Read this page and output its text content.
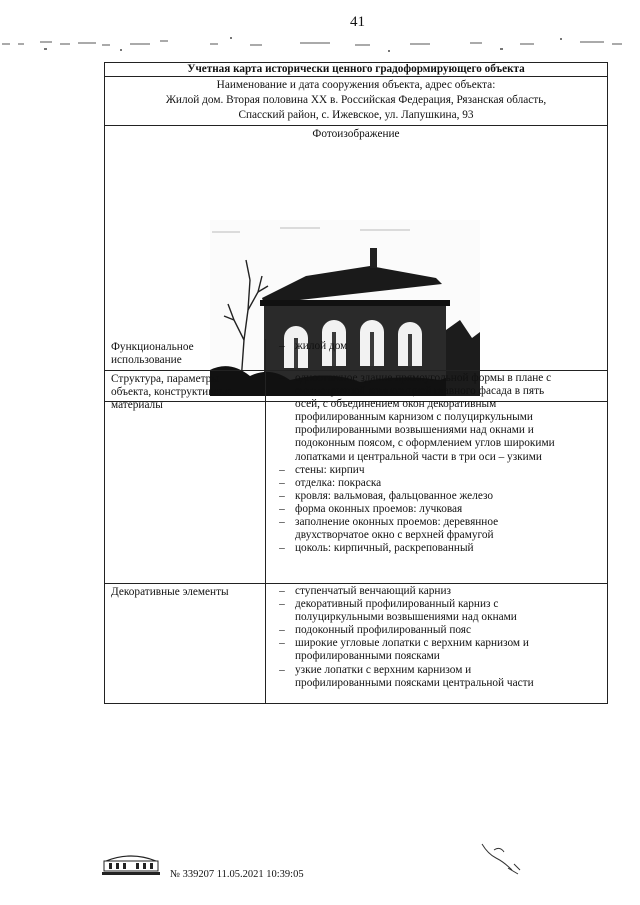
41
Учетная карта исторически ценного градоформирующего объекта
Наименование и дата сооружения объекта, адрес объекта:
Жилой дом. Вторая половина XX в. Российская Федерация, Рязанская область,
Спасский район, с. Ижевское, ул. Лапушкина, 93
Фотоизображение
Функциональное
использование
– жилой дом
Структура, параметры
объекта, конструктивные
материалы
– одноэтажное здание прямоугольной формы в плане с
симметричной композицией главного фасада в пять
осей, с объединением окон декоративным
профилированным карнизом с полуциркульными
профилированными возвышениями над окнами и
подоконным поясом, с оформлением углов широкими
лопатками и центральной части в три оси – узкими
– стены: кирпич
– отделка: покраска
– кровля: вальмовая, фальцованное железо
– форма оконных проемов: лучковая
– заполнение оконных проемов: деревянное
двухстворчатое окно с верхней фрамугой
– цоколь: кирпичный, раскрепованный
Декоративные элементы	– ступенчатый венчающий карниз
– декоративный профилированный карниз с
полуциркульными возвышениями над окнами
– подоконный профилированный пояс
– широкие угловые лопатки с верхним карнизом и
профилированными поясками
– узкие лопатки с верхним карнизом и
профилированными поясками центральной части
№ 339207 11.05.2021 10:39:05
